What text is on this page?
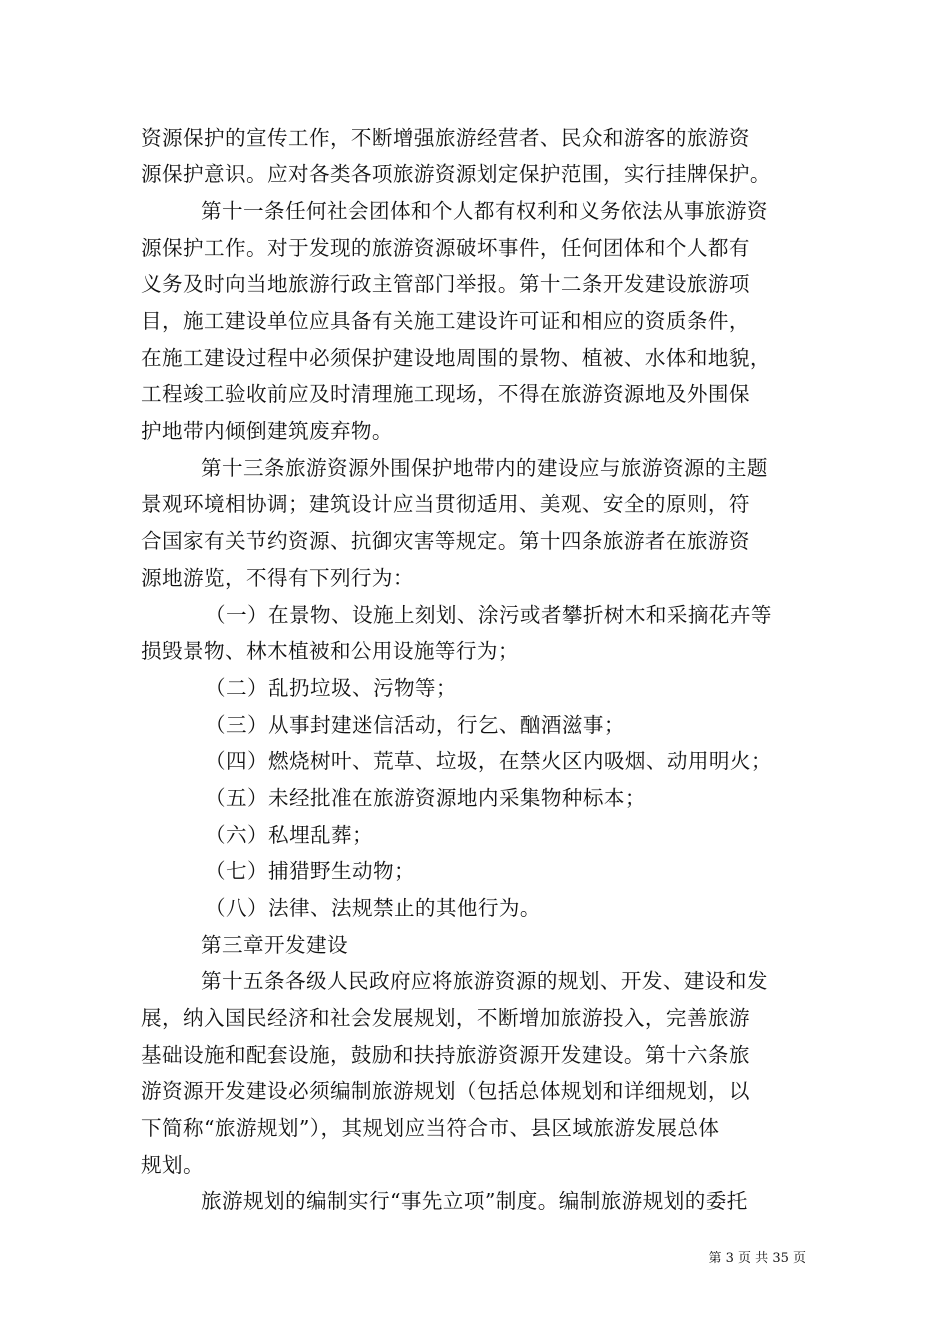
资源保护的宣传工作，不断增强旅游经营者、民众和游客的旅游资
源保护意识。应对各类各项旅游资源划定保护范围，实行挂牌保护。
第十一条任何社会团体和个人都有权利和义务依法从事旅游资
源保护工作。对于发现的旅游资源破坏事件，任何团体和个人都有
义务及时向当地旅游行政主管部门举报。第十二条开发建设旅游项
目，施工建设单位应具备有关施工建设许可证和相应的资质条件，
在施工建设过程中必须保护建设地周围的景物、植被、水体和地貌，
工程竣工验收前应及时清理施工现场，不得在旅游资源地及外围保
护地带内倾倒建筑废弃物。
第十三条旅游资源外围保护地带内的建设应与旅游资源的主题
景观环境相协调；建筑设计应当贯彻适用、美观、安全的原则，符
合国家有关节约资源、抗御灾害等规定。第十四条旅游者在旅游资
源地游览，不得有下列行为：
（一）在景物、设施上刻划、涂污或者攀折树木和采摘花卉等
损毁景物、林木植被和公用设施等行为；
（二）乱扔垃圾、污物等；
（三）从事封建迷信活动，行乞、酗酒滋事；
（四）燃烧树叶、荒草、垃圾，在禁火区内吸烟、动用明火；
（五）未经批准在旅游资源地内采集物种标本；
（六）私埋乱葬；
（七）捕猎野生动物；
（八）法律、法规禁止的其他行为。
第三章开发建设
第十五条各级人民政府应将旅游资源的规划、开发、建设和发
展，纳入国民经济和社会发展规划，不断增加旅游投入，完善旅游
基础设施和配套设施，鼓励和扶持旅游资源开发建设。第十六条旅
游资源开发建设必须编制旅游规划（包括总体规划和详细规划，以
下简称“旅游规划”），其规划应当符合市、县区域旅游发展总体
规划。
旅游规划的编制实行“事先立项”制度。编制旅游规划的委托
第 3 页 共 35 页
